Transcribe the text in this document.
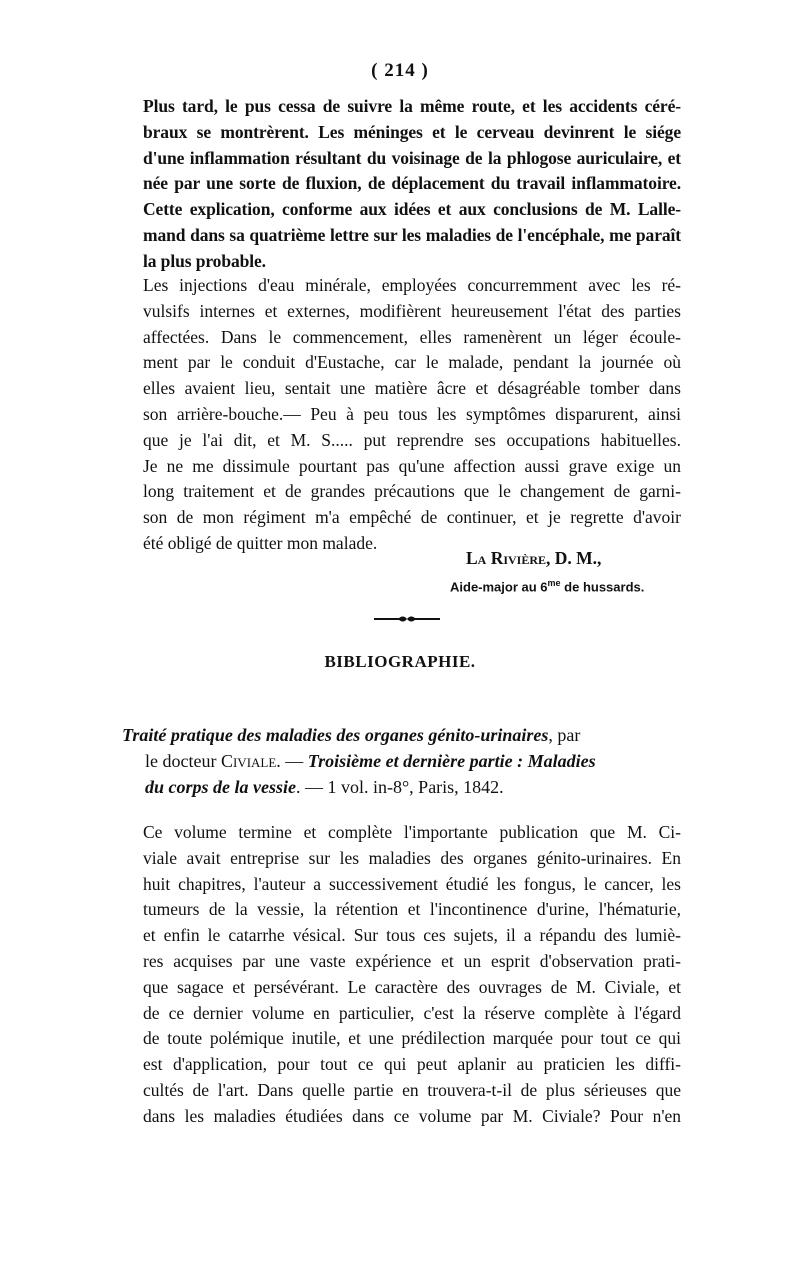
( 214 )
Plus tard, le pus cessa de suivre la même route, et les accidents céré-
braux se montrèrent. Les méninges et le cerveau devinrent le siége
d'une inflammation résultant du voisinage de la phlogose auriculaire, et
née par une sorte de fluxion, de déplacement du travail inflammatoire.
Cette explication, conforme aux idées et aux conclusions de M. Lalle-
mand dans sa quatrième lettre sur les maladies de l'encéphale, me paraît
la plus probable.
Les injections d'eau minérale, employées concurremment avec les ré-
vulsifs internes et externes, modifièrent heureusement l'état des parties
affectées. Dans le commencement, elles ramenèrent un léger écoule-
ment par le conduit d'Eustache, car le malade, pendant la journée où
elles avaient lieu, sentait une matière âcre et désagréable tomber dans
son arrière-bouche.— Peu à peu tous les symptômes disparurent, ainsi
que je l'ai dit, et M. S..... put reprendre ses occupations habituelles.
Je ne me dissimule pourtant pas qu'une affection aussi grave exige un
long traitement et de grandes précautions que le changement de garni-
son de mon régiment m'a empêché de continuer, et je regrette d'avoir
été obligé de quitter mon malade.
La Rivière, D. M.,
Aide-major au $6^{me}$ de hussards.
BIBLIOGRAPHIE.
Traité pratique des maladies des organes génito-urinaires, par
le docteur Civiale. — Troisième et dernière partie : Maladies
du corps de la vessie. — 1 vol. in-8°, Paris, 1842.
Ce volume termine et complète l'importante publication que M. Ci-
viale avait entreprise sur les maladies des organes génito-urinaires. En
huit chapitres, l'auteur a successivement étudié les fongus, le cancer, les
tumeurs de la vessie, la rétention et l'incontinence d'urine, l'hématurie,
et enfin le catarrhe vésical. Sur tous ces sujets, il a répandu des lumiè-
res acquises par une vaste expérience et un esprit d'observation prati-
que sagace et persévérant. Le caractère des ouvrages de M. Civiale, et
de ce dernier volume en particulier, c'est la réserve complète à l'égard
de toute polémique inutile, et une prédilection marquée pour tout ce qui
est d'application, pour tout ce qui peut aplanir au praticien les diffi-
cultés de l'art. Dans quelle partie en trouvera-t-il de plus sérieuses que
dans les maladies étudiées dans ce volume par M. Civiale? Pour n'en
